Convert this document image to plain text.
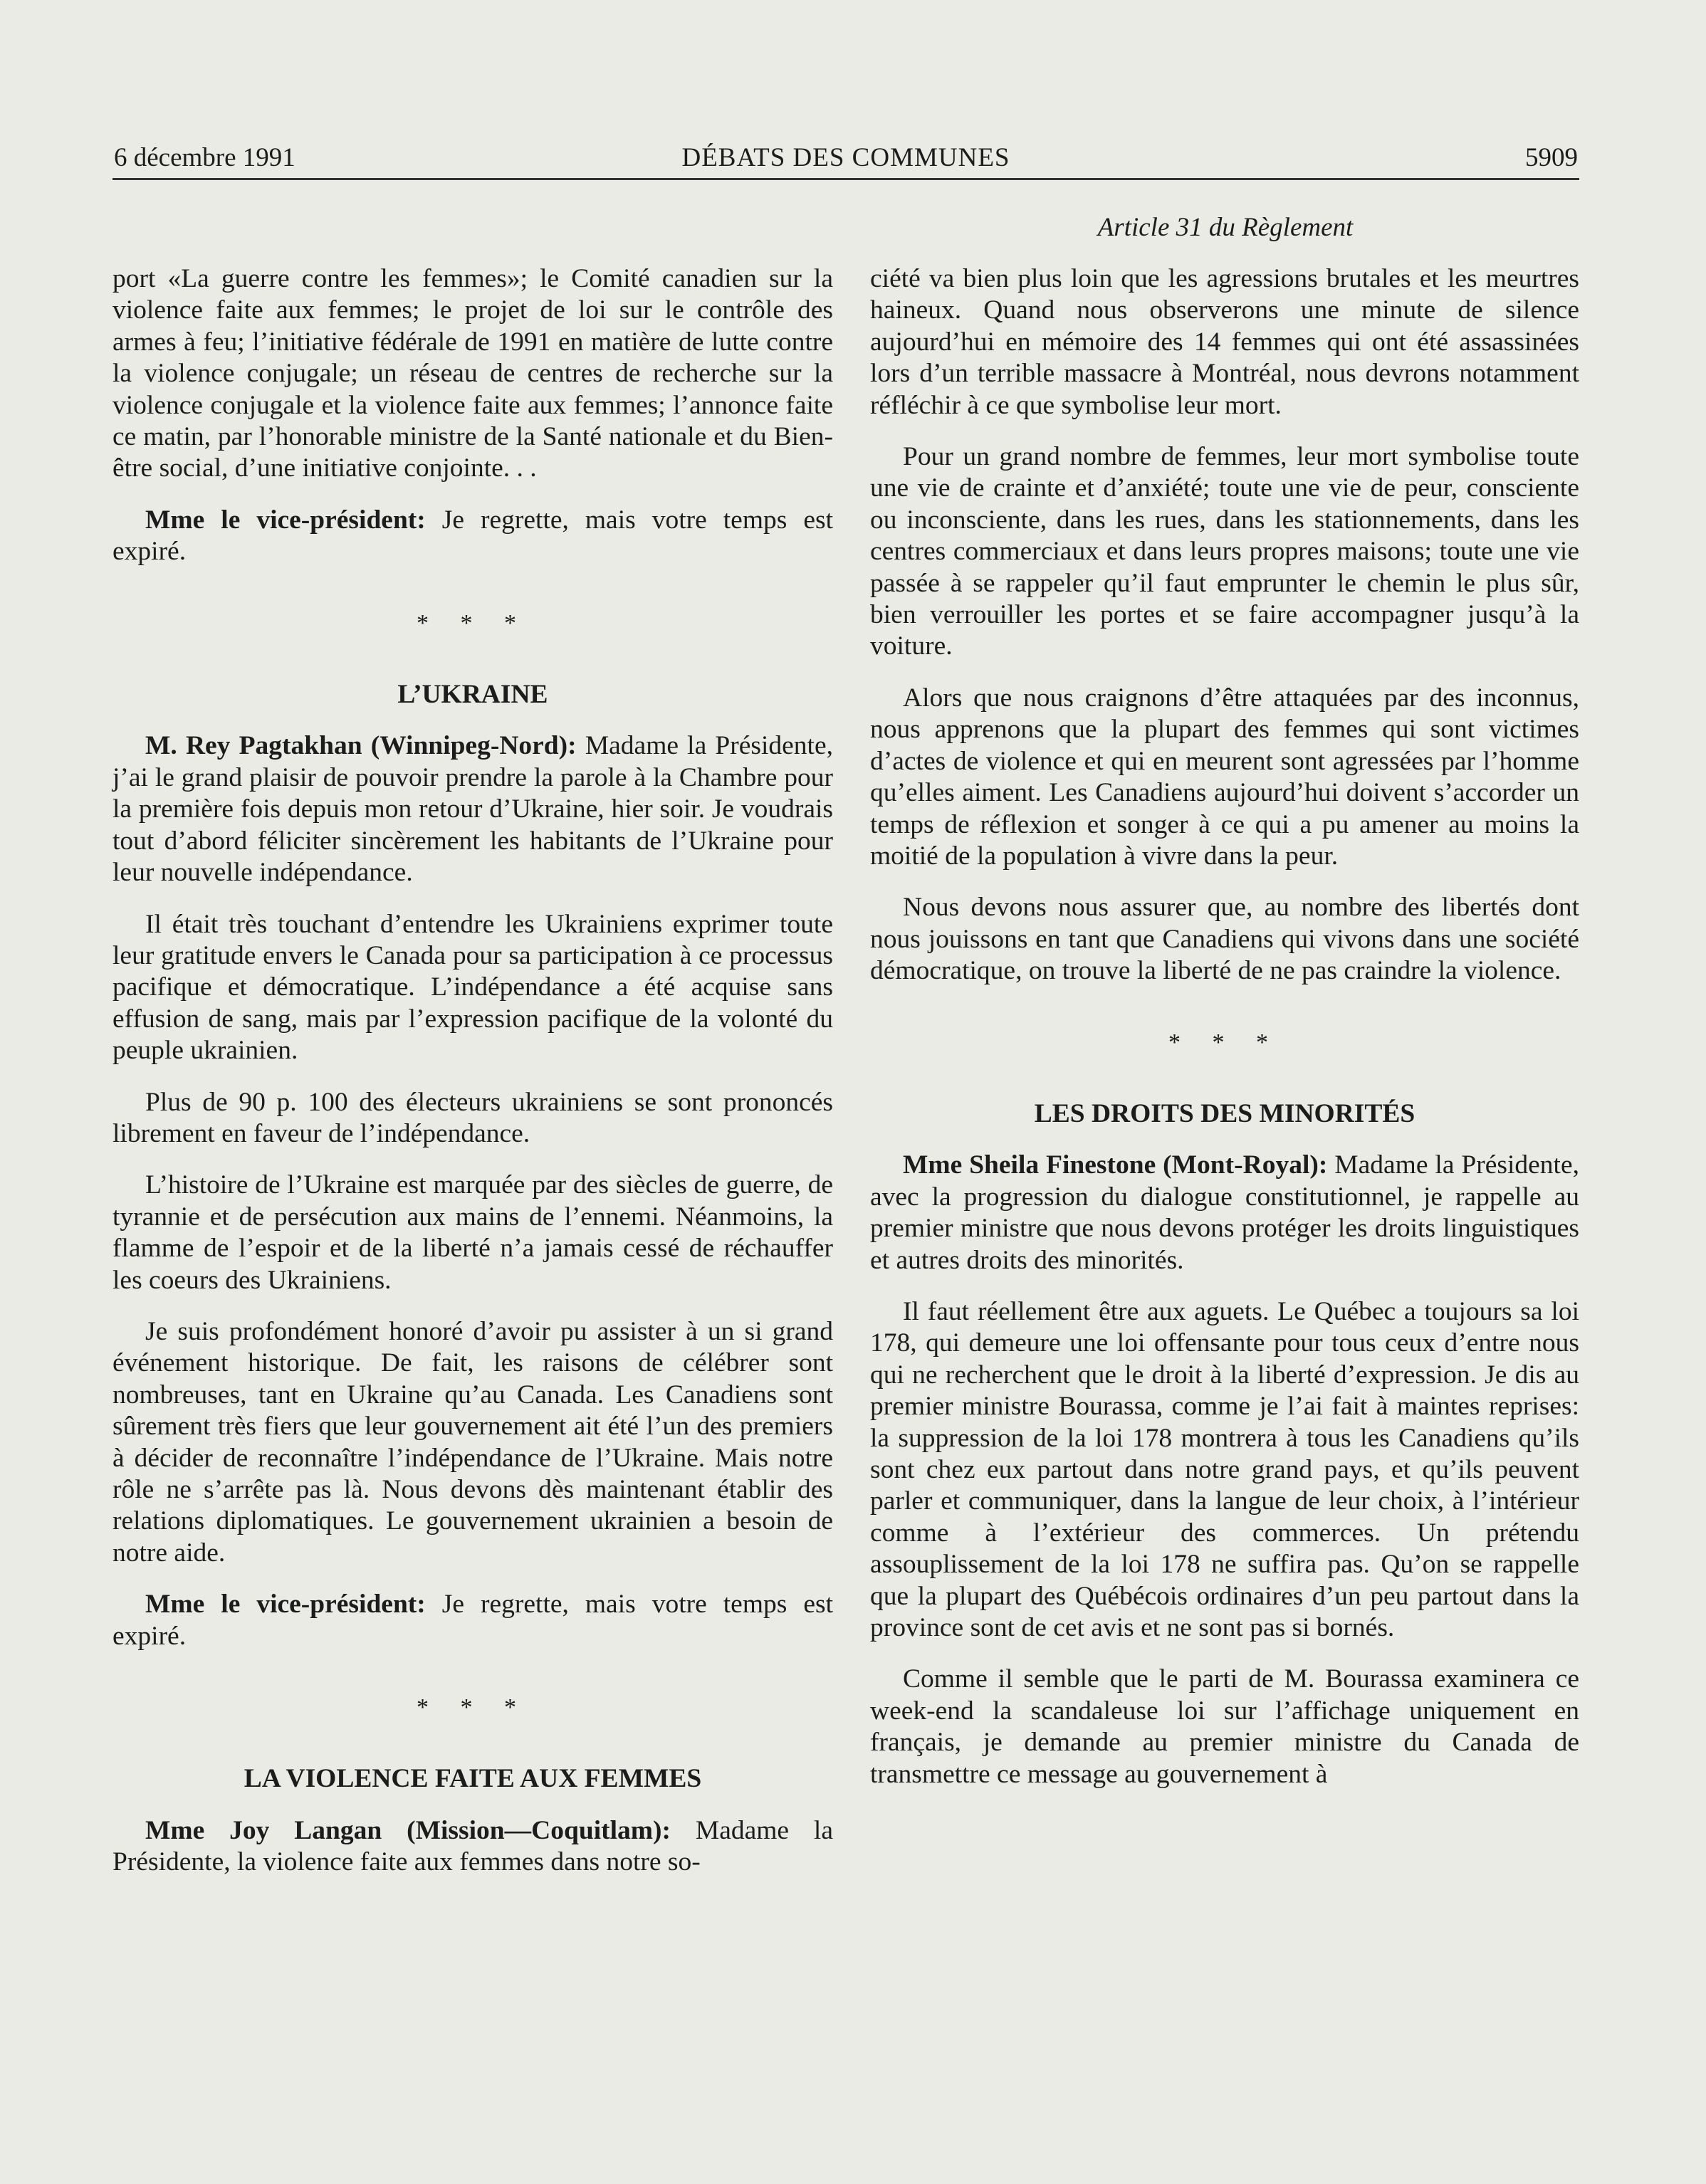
6 décembre 1991	DÉBATS DES COMMUNES	5909
Article 31 du Règlement

port «La guerre contre les femmes»; le Comité canadien sur la violence faite aux femmes; le projet de loi sur le contrôle des armes à feu; l’initiative fédérale de 1991 en matière de lutte contre la violence conjugale; un réseau de centres de recherche sur la violence conjugale et la violence faite aux femmes; l’annonce faite ce matin, par l’honorable ministre de la Santé nationale et du Bien-être social, d’une initiative conjointe. . .

Mme le vice-président: Je regrette, mais votre temps est expiré.

* * *
L’UKRAINE

M. Rey Pagtakhan (Winnipeg-Nord): Madame la Présidente, j’ai le grand plaisir de pouvoir prendre la parole à la Chambre pour la première fois depuis mon retour d’Ukraine, hier soir. Je voudrais tout d’abord féliciter sincèrement les habitants de l’Ukraine pour leur nouvelle indépendance.

Il était très touchant d’entendre les Ukrainiens exprimer toute leur gratitude envers le Canada pour sa participation à ce processus pacifique et démocratique. L’indépendance a été acquise sans effusion de sang, mais par l’expression pacifique de la volonté du peuple ukrainien.

Plus de 90 p. 100 des électeurs ukrainiens se sont prononcés librement en faveur de l’indépendance.

L’histoire de l’Ukraine est marquée par des siècles de guerre, de tyrannie et de persécution aux mains de l’ennemi. Néanmoins, la flamme de l’espoir et de la liberté n’a jamais cessé de réchauffer les coeurs des Ukrainiens.

Je suis profondément honoré d’avoir pu assister à un si grand événement historique. De fait, les raisons de célébrer sont nombreuses, tant en Ukraine qu’au Canada. Les Canadiens sont sûrement très fiers que leur gouvernement ait été l’un des premiers à décider de reconnaître l’indépendance de l’Ukraine. Mais notre rôle ne s’arrête pas là. Nous devons dès maintenant établir des relations diplomatiques. Le gouvernement ukrainien a besoin de notre aide.

Mme le vice-président: Je regrette, mais votre temps est expiré.

* * *
LA VIOLENCE FAITE AUX FEMMES

Mme Joy Langan (Mission—Coquitlam): Madame la Présidente, la violence faite aux femmes dans notre so-

ciété va bien plus loin que les agressions brutales et les meurtres haineux. Quand nous observerons une minute de silence aujourd’hui en mémoire des 14 femmes qui ont été assassinées lors d’un terrible massacre à Montréal, nous devrons notamment réfléchir à ce que symbolise leur mort.

Pour un grand nombre de femmes, leur mort symbolise toute une vie de crainte et d’anxiété; toute une vie de peur, consciente ou inconsciente, dans les rues, dans les stationnements, dans les centres commerciaux et dans leurs propres maisons; toute une vie passée à se rappeler qu’il faut emprunter le chemin le plus sûr, bien verrouiller les portes et se faire accompagner jusqu’à la voiture.

Alors que nous craignons d’être attaquées par des inconnus, nous apprenons que la plupart des femmes qui sont victimes d’actes de violence et qui en meurent sont agressées par l’homme qu’elles aiment. Les Canadiens aujourd’hui doivent s’accorder un temps de réflexion et songer à ce qui a pu amener au moins la moitié de la population à vivre dans la peur.

Nous devons nous assurer que, au nombre des libertés dont nous jouissons en tant que Canadiens qui vivons dans une société démocratique, on trouve la liberté de ne pas craindre la violence.

* * *
LES DROITS DES MINORITÉS

Mme Sheila Finestone (Mont-Royal): Madame la Présidente, avec la progression du dialogue constitutionnel, je rappelle au premier ministre que nous devons protéger les droits linguistiques et autres droits des minorités.

Il faut réellement être aux aguets. Le Québec a toujours sa loi 178, qui demeure une loi offensante pour tous ceux d’entre nous qui ne recherchent que le droit à la liberté d’expression. Je dis au premier ministre Bourassa, comme je l’ai fait à maintes reprises: la suppression de la loi 178 montrera à tous les Canadiens qu’ils sont chez eux partout dans notre grand pays, et qu’ils peuvent parler et communiquer, dans la langue de leur choix, à l’intérieur comme à l’extérieur des commerces. Un prétendu assouplissement de la loi 178 ne suffira pas. Qu’on se rappelle que la plupart des Québécois ordinaires d’un peu partout dans la province sont de cet avis et ne sont pas si bornés.

Comme il semble que le parti de M. Bourassa examinera ce week-end la scandaleuse loi sur l’affichage uniquement en français, je demande au premier ministre du Canada de transmettre ce message au gouvernement à
